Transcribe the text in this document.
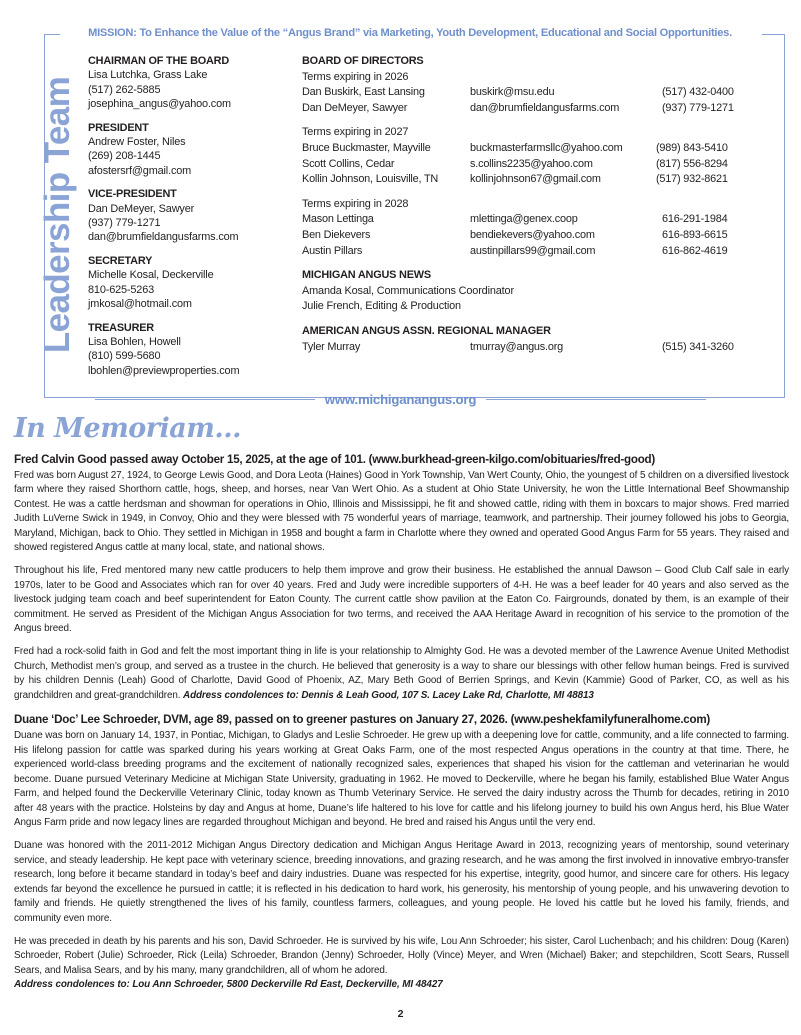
MISSION: To Enhance the Value of the “Angus Brand” via Marketing, Youth Development, Educational and Social Opportunities.
Leadership Team
CHAIRMAN OF THE BOARD
Lisa Lutchka, Grass Lake
(517) 262-5885
josephina_angus@yahoo.com
PRESIDENT
Andrew Foster, Niles
(269) 208-1445
afostersrf@gmail.com
VICE-PRESIDENT
Dan DeMeyer, Sawyer
(937) 779-1271
dan@brumfieldangusfarms.com
SECRETARY
Michelle Kosal, Deckerville
810-625-5263
jmkosal@hotmail.com
TREASURER
Lisa Bohlen, Howell
(810) 599-5680
lbohlen@previewproperties.com
BOARD OF DIRECTORS
Terms expiring in 2026
Dan Buskirk, East Lansing	buskirk@msu.edu	(517) 432-0400
Dan DeMeyer, Sawyer	dan@brumfieldangusfarms.com	(937) 779-1271
Terms expiring in 2027
Bruce Buckmaster, Mayville	buckmasterfarmsllc@yahoo.com	(989) 843-5410
Scott Collins, Cedar	s.collins2235@yahoo.com	(817) 556-8294
Kollin Johnson, Louisville, TN	kollinjohnson67@gmail.com	(517) 932-8621
Terms expiring in 2028
Mason Lettinga	mlettinga@genex.coop	616-291-1984
Ben Diekevers	bendiekevers@yahoo.com	616-893-6615
Austin Pillars	austinpillars99@gmail.com	616-862-4619
MICHIGAN ANGUS NEWS
Amanda Kosal, Communications Coordinator
Julie French, Editing & Production
AMERICAN ANGUS ASSN. REGIONAL MANAGER
Tyler Murray	tmurray@angus.org	(515) 341-3260
www.michiganangus.org
In Memoriam...
Fred Calvin Good passed away October 15, 2025, at the age of 101. (www.burkhead-green-kilgo.com/obituaries/fred-good)

Fred was born August 27, 1924, to George Lewis Good, and Dora Leota (Haines) Good in York Township, Van Wert County, Ohio, the youngest of 5 children on a diversified livestock farm where they raised Shorthorn cattle, hogs, sheep, and horses, near Van Wert Ohio. As a student at Ohio State University, he won the Little International Beef Showmanship Contest. He was a cattle herdsman and showman for operations in Ohio, Illinois and Mississippi, he fit and showed cattle, riding with them in boxcars to major shows. Fred married Judith LuVerne Swick in 1949, in Convoy, Ohio and they were blessed with 75 wonderful years of marriage, teamwork, and partnership. Their journey followed his jobs to Georgia, Maryland, Michigan, back to Ohio. They settled in Michigan in 1958 and bought a farm in Charlotte where they owned and operated Good Angus Farm for 55 years. They raised and showed registered Angus cattle at many local, state, and national shows.

Throughout his life, Fred mentored many new cattle producers to help them improve and grow their business. He established the annual Dawson – Good Club Calf sale in early 1970s, later to be Good and Associates which ran for over 40 years. Fred and Judy were incredible supporters of 4-H. He was a beef leader for 40 years and also served as the livestock judging team coach and beef superintendent for Eaton County. The current cattle show pavilion at the Eaton Co. Fairgrounds, donated by them, is an example of their commitment. He served as President of the Michigan Angus Association for two terms, and received the AAA Heritage Award in recognition of his service to the promotion of the Angus breed.

Fred had a rock-solid faith in God and felt the most important thing in life is your relationship to Almighty God. He was a devoted member of the Lawrence Avenue United Methodist Church, Methodist men’s group, and served as a trustee in the church. He believed that generosity is a way to share our blessings with other fellow human beings. Fred is survived by his children Dennis (Leah) Good of Charlotte, David Good of Phoenix, AZ, Mary Beth Good of Berrien Springs, and Kevin (Kammie) Good of Parker, CO, as well as his grandchildren and great-grandchildren. Address condolences to: Dennis & Leah Good, 107 S. Lacey Lake Rd, Charlotte, MI 48813

Duane ‘Doc’ Lee Schroeder, DVM, age 89, passed on to greener pastures on January 27, 2026. (www.peshekfamilyfuneralhome.com)

Duane was born on January 14, 1937, in Pontiac, Michigan, to Gladys and Leslie Schroeder. He grew up with a deepening love for cattle, community, and a life connected to farming. His lifelong passion for cattle was sparked during his years working at Great Oaks Farm, one of the most respected Angus operations in the country at that time. There, he experienced world-class breeding programs and the excitement of nationally recognized sales, experiences that shaped his vision for the cattleman and veterinarian he would become. Duane pursued Veterinary Medicine at Michigan State University, graduating in 1962. He moved to Deckerville, where he began his family, established Blue Water Angus Farm, and helped found the Deckerville Veterinary Clinic, today known as Thumb Veterinary Service. He served the dairy industry across the Thumb for decades, retiring in 2010 after 48 years with the practice. Holsteins by day and Angus at home, Duane’s life haltered to his love for cattle and his lifelong journey to build his own Angus herd, his Blue Water Angus Farm pride and now legacy lines are regarded throughout Michigan and beyond. He bred and raised his Angus until the very end.

Duane was honored with the 2011-2012 Michigan Angus Directory dedication and Michigan Angus Heritage Award in 2013, recognizing years of mentorship, sound veterinary service, and steady leadership. He kept pace with veterinary science, breeding innovations, and grazing research, and he was among the first involved in innovative embryo-transfer research, long before it became standard in today’s beef and dairy industries. Duane was respected for his expertise, integrity, good humor, and sincere care for others. His legacy extends far beyond the excellence he pursued in cattle; it is reflected in his dedication to hard work, his generosity, his mentorship of young people, and his unwavering devotion to family and friends. He quietly strengthened the lives of his family, countless farmers, colleagues, and young people. He loved his cattle but he loved his family, friends, and community even more.

He was preceded in death by his parents and his son, David Schroeder. He is survived by his wife, Lou Ann Schroeder; his sister, Carol Luchenbach; and his children: Doug (Karen) Schroeder, Robert (Julie) Schroeder, Rick (Leila) Schroeder, Brandon (Jenny) Schroeder, Holly (Vince) Meyer, and Wren (Michael) Baker; and stepchildren, Scott Sears, Russell Sears, and Malisa Sears, and by his many, many grandchildren, all of whom he adored.

Address condolences to: Lou Ann Schroeder, 5800 Deckerville Rd East, Deckerville, MI 48427

2
